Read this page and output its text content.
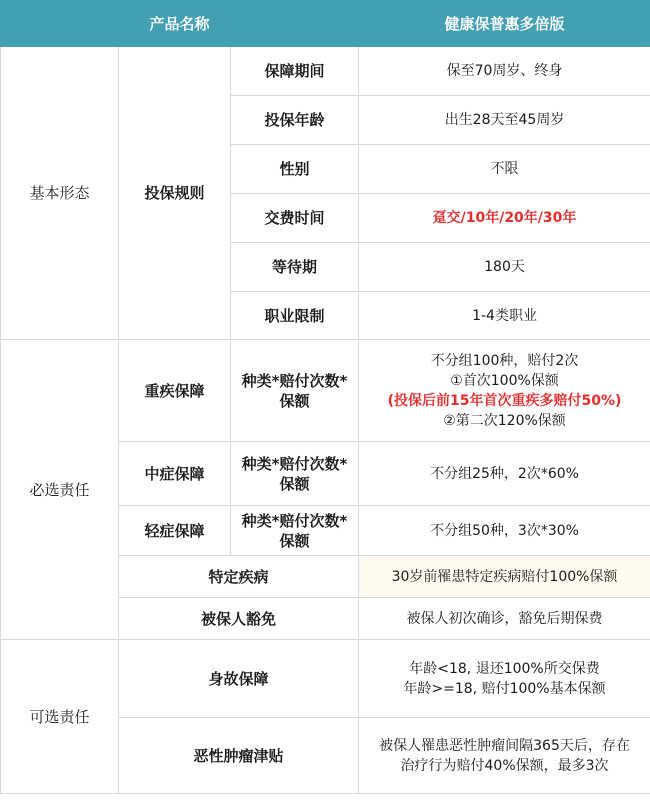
产品名称			健康保普惠多倍版
基本形态	投保规则	保障期间	保至70周岁、终身
		投保年龄	出生28天至45周岁
		性别	不限
		交费时间	趸交/10年/20年/30年
		等待期	180天
		职业限制	1-4类职业
必选责任	重疾保障	种类*赔付次数*保额	不分组100种，赔付2次
①首次100%保额
(投保后前15年首次重疾多赔付50%)
②第二次120%保额

	中症保障	种类*赔付次数*保额	不分组25种，2次*60%
	轻症保障	种类*赔付次数*保额	不分组50种，3次*30%
	特定疾病		30岁前罹患特定疾病赔付100%保额
	被保人豁免		被保人初次确诊，豁免后期保费
可选责任	身故保障		年龄<18, 退还100%所交保费
年龄>=18, 赔付100%基本保额

	恶性肿瘤津贴		被保人罹患恶性肿瘤间隔365天后，存在
治疗行为赔付40%保额，最多3次
